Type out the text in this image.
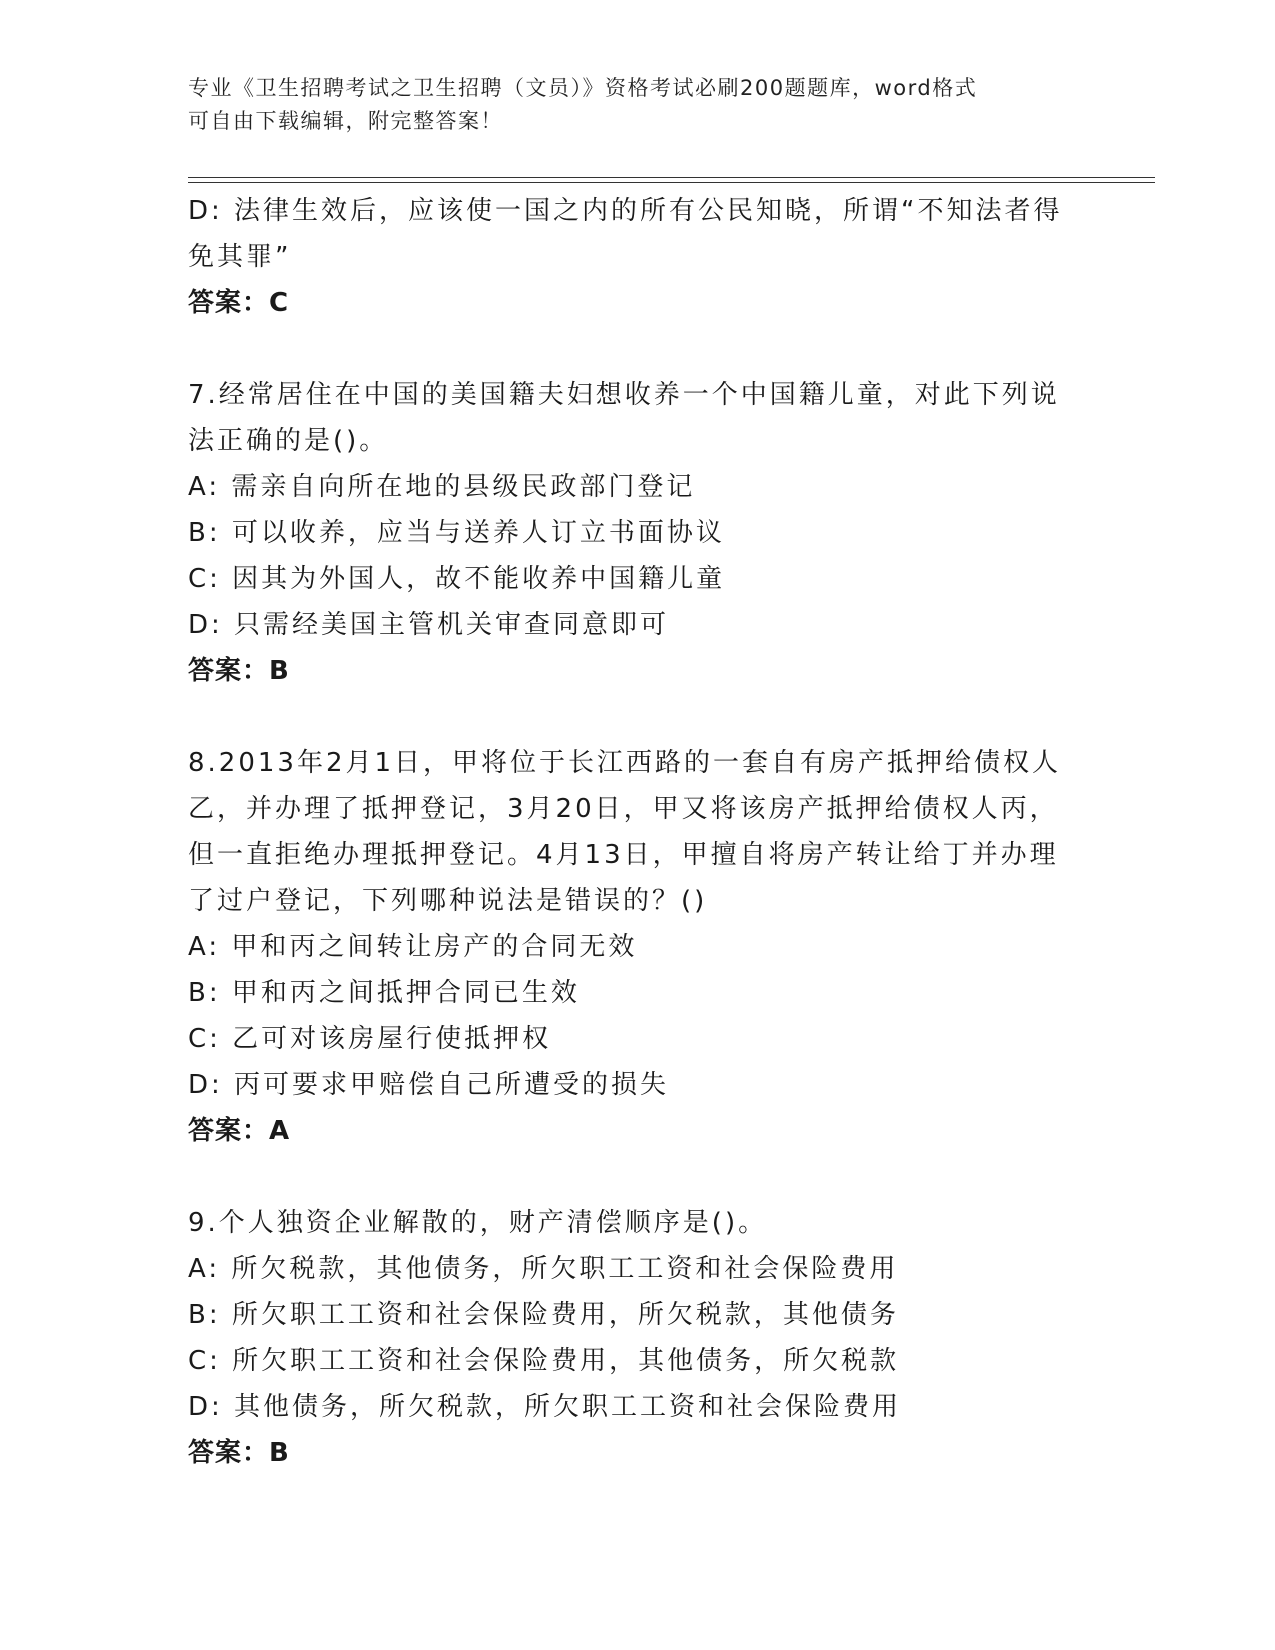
专业《卫生招聘考试之卫生招聘（文员）》资格考试必刷200题题库，word格式
可自由下载编辑，附完整答案！
D: 法律生效后，应该使一国之内的所有公民知晓，所谓“不知法者得
免其罪”
答案：C
7.经常居住在中国的美国籍夫妇想收养一个中国籍儿童，对此下列说
法正确的是()。
A: 需亲自向所在地的县级民政部门登记
B: 可以收养，应当与送养人订立书面协议
C: 因其为外国人，故不能收养中国籍儿童
D: 只需经美国主管机关审查同意即可
答案：B
8.2013年2月1日，甲将位于长江西路的一套自有房产抵押给债权人
乙，并办理了抵押登记，3月20日，甲又将该房产抵押给债权人丙，
但一直拒绝办理抵押登记。4月13日，甲擅自将房产转让给丁并办理
了过户登记，下列哪种说法是错误的？()
A: 甲和丙之间转让房产的合同无效
B: 甲和丙之间抵押合同已生效
C: 乙可对该房屋行使抵押权
D: 丙可要求甲赔偿自己所遭受的损失
答案：A
9.个人独资企业解散的，财产清偿顺序是()。
A: 所欠税款，其他债务，所欠职工工资和社会保险费用
B: 所欠职工工资和社会保险费用，所欠税款，其他债务
C: 所欠职工工资和社会保险费用，其他债务，所欠税款
D: 其他债务，所欠税款，所欠职工工资和社会保险费用
答案：B
